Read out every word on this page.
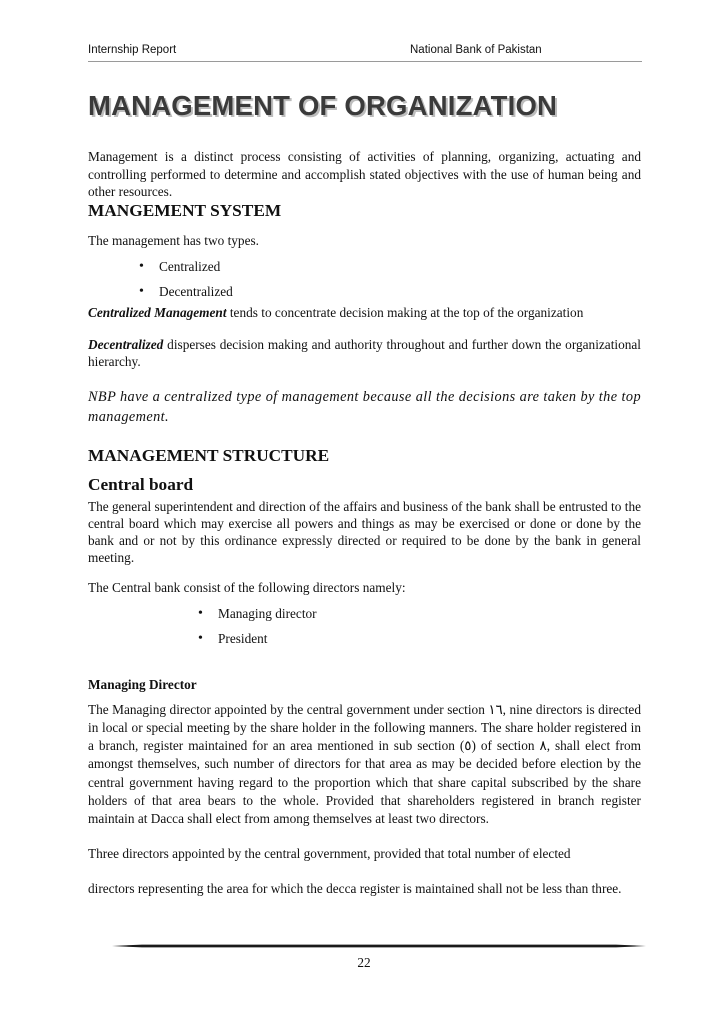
Internship Report	National Bank of Pakistan
MANAGEMENT OF ORGANIZATION

Management is a distinct process consisting of activities of planning, organizing, actuating and controlling performed to determine and accomplish stated objectives with the use of human being and other resources.

MANGEMENT SYSTEM

The management has two types.

• Centralized
• Decentralized

Centralized Management tends to concentrate decision making at the top of the organization

Decentralized disperses decision making and authority throughout and further down the organizational hierarchy.

NBP have a centralized type of management because all the decisions are taken by the top management.

MANAGEMENT STRUCTURE
Central board

The general superintendent and direction of the affairs and business of the bank shall be entrusted to the central board which may exercise all powers and things as may be exercised or done or done by the bank and or not by this ordinance expressly directed or required to be done by the bank in general meeting.

The Central bank consist of the following directors namely:

• Managing director
• President
Managing Director

The Managing director appointed by the central government under section ١٦, nine directors is directed in local or special meeting by the share holder in the following manners. The share holder registered in a branch, register maintained for an area mentioned in sub section (٥) of section ٨, shall elect from amongst themselves, such number of directors for that area as may be decided before election by the central government having regard to the proportion which that share capital subscribed by the share holders of that area bears to the whole. Provided that shareholders registered in branch register maintain at Dacca shall elect from among themselves at least two directors.

Three directors appointed by the central government, provided that total number of elected

directors representing the area for which the decca register is maintained shall not be less than three.

22
